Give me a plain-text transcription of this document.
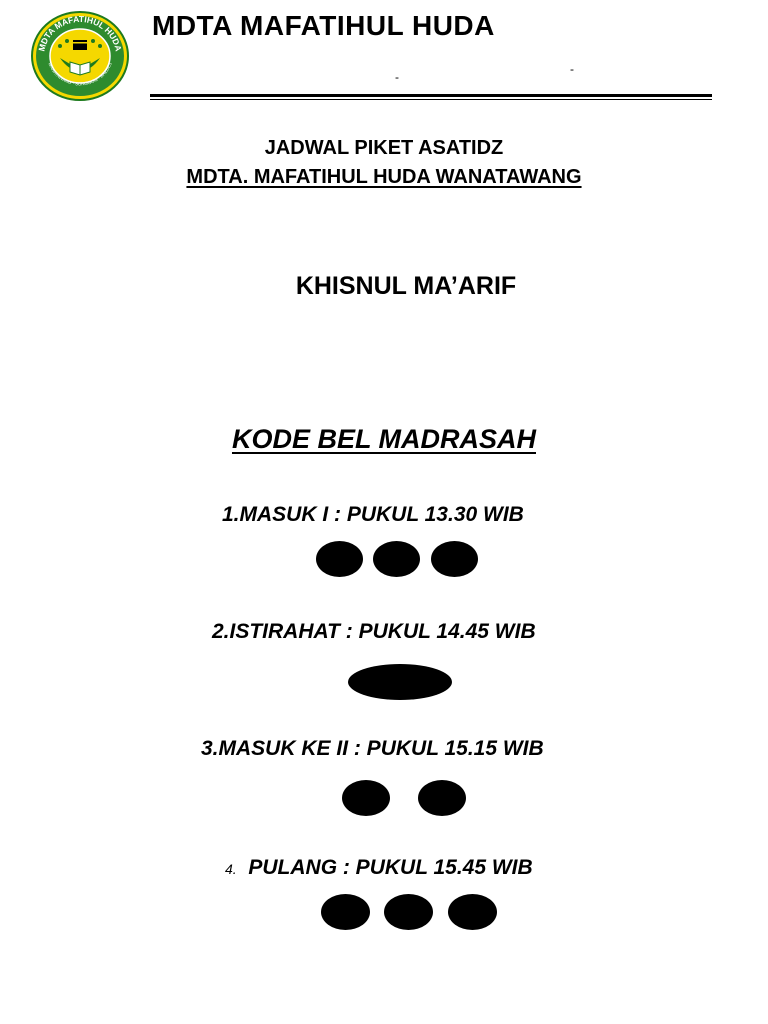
MDTA MAFATIHUL HUDA
WANATAWANG · SONGGOM · BREBES
MDTA MAFATIHUL HUDA
-
-
JADWAL PIKET ASATIDZ
MDTA. MAFATIHUL HUDA WANATAWANG
KHISNUL MA’ARIF
KODE BEL MADRASAH
1.MASUK I : PUKUL 13.30 WIB
2.ISTIRAHAT : PUKUL 14.45 WIB
3.MASUK KE II : PUKUL 15.15 WIB
4. PULANG : PUKUL 15.45 WIB
